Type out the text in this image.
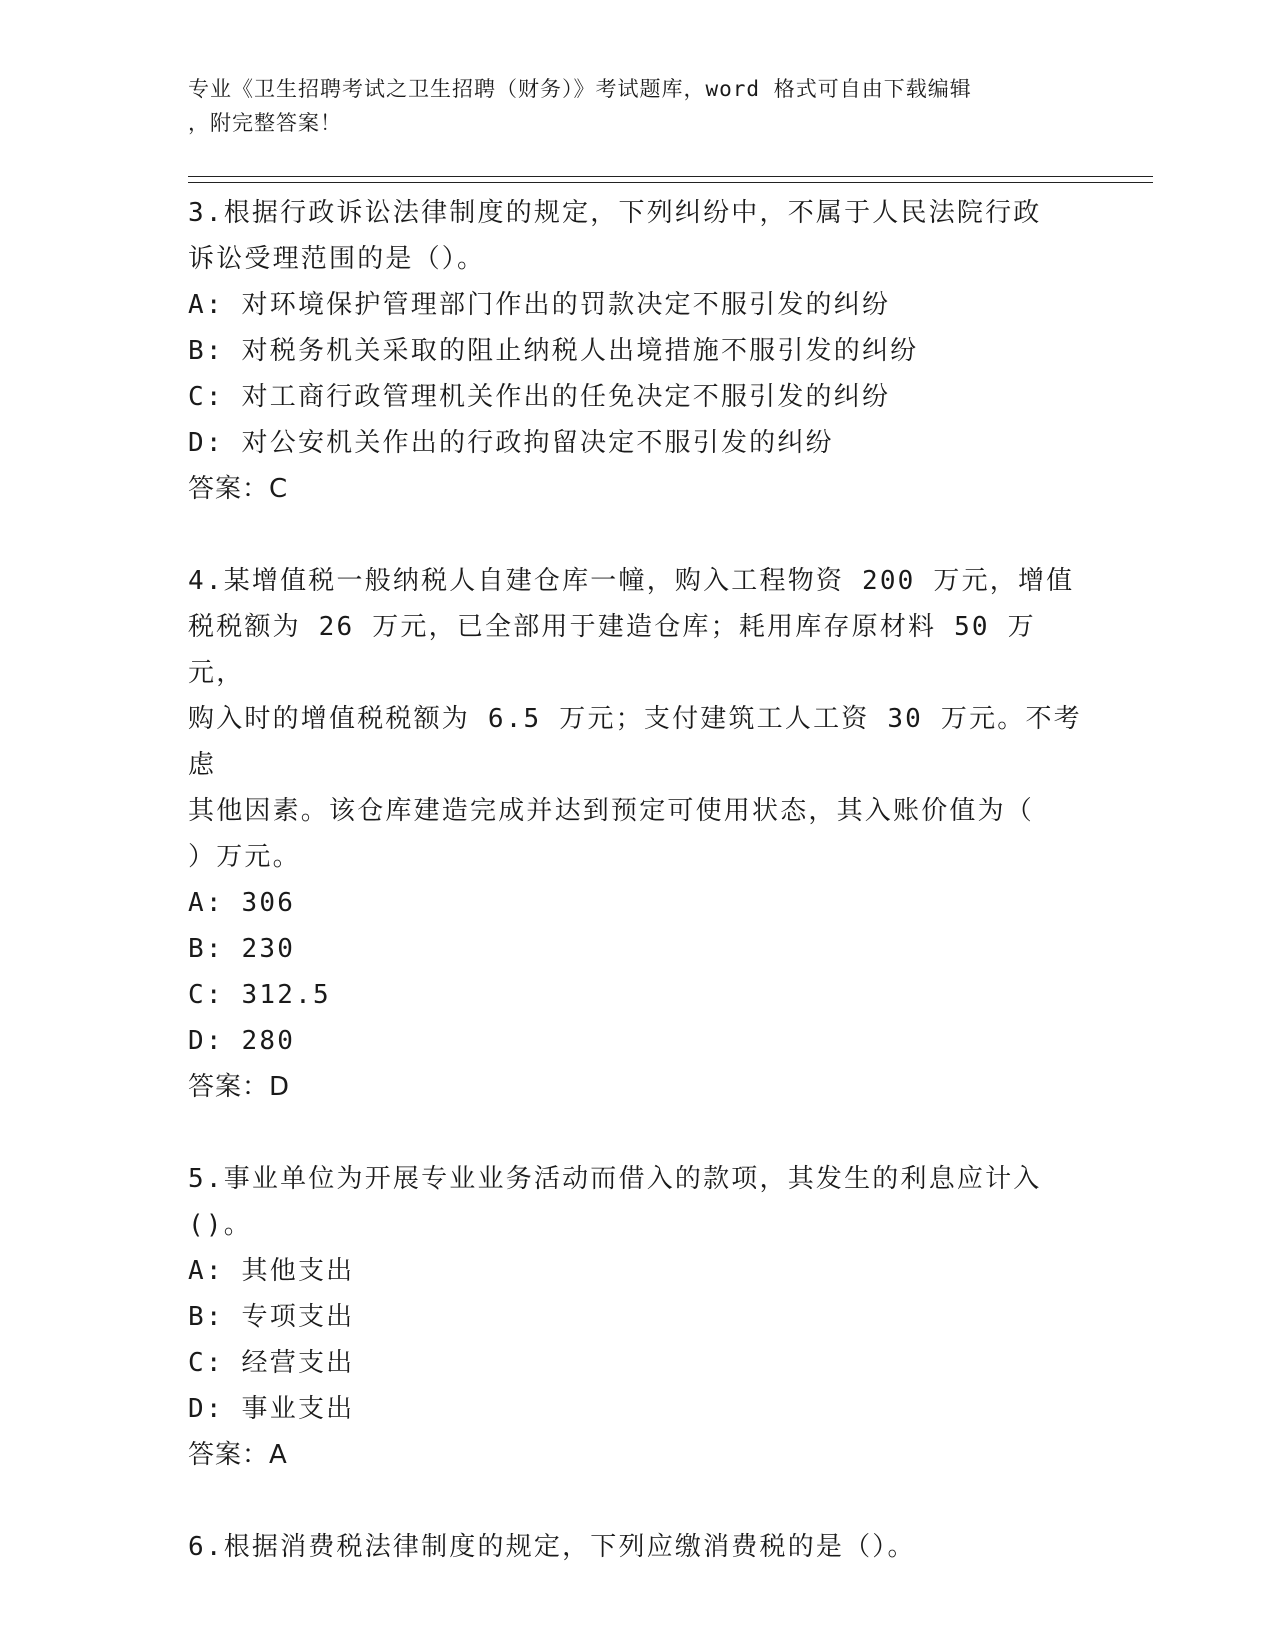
专业《卫生招聘考试之卫生招聘（财务）》考试题库，word 格式可自由下载编辑
，附完整答案！

3.根据行政诉讼法律制度的规定，下列纠纷中，不属于人民法院行政

诉讼受理范围的是（）。

A: 对环境保护管理部门作出的罚款决定不服引发的纠纷

B: 对税务机关采取的阻止纳税人出境措施不服引发的纠纷

C: 对工商行政管理机关作出的任免决定不服引发的纠纷

D: 对公安机关作出的行政拘留决定不服引发的纠纷

答案：C

4.某增值税一般纳税人自建仓库一幢，购入工程物资 200 万元，增值

税税额为 26 万元，已全部用于建造仓库；耗用库存原材料 50 万元，

购入时的增值税税额为 6.5 万元；支付建筑工人工资 30 万元。不考虑

其他因素。该仓库建造完成并达到预定可使用状态，其入账价值为（

）万元。

A: 306

B: 230

C: 312.5

D: 280

答案：D

5.事业单位为开展专业业务活动而借入的款项，其发生的利息应计入

()。

A: 其他支出

B: 专项支出

C: 经营支出

D: 事业支出

答案：A

6.根据消费税法律制度的规定，下列应缴消费税的是（）。
